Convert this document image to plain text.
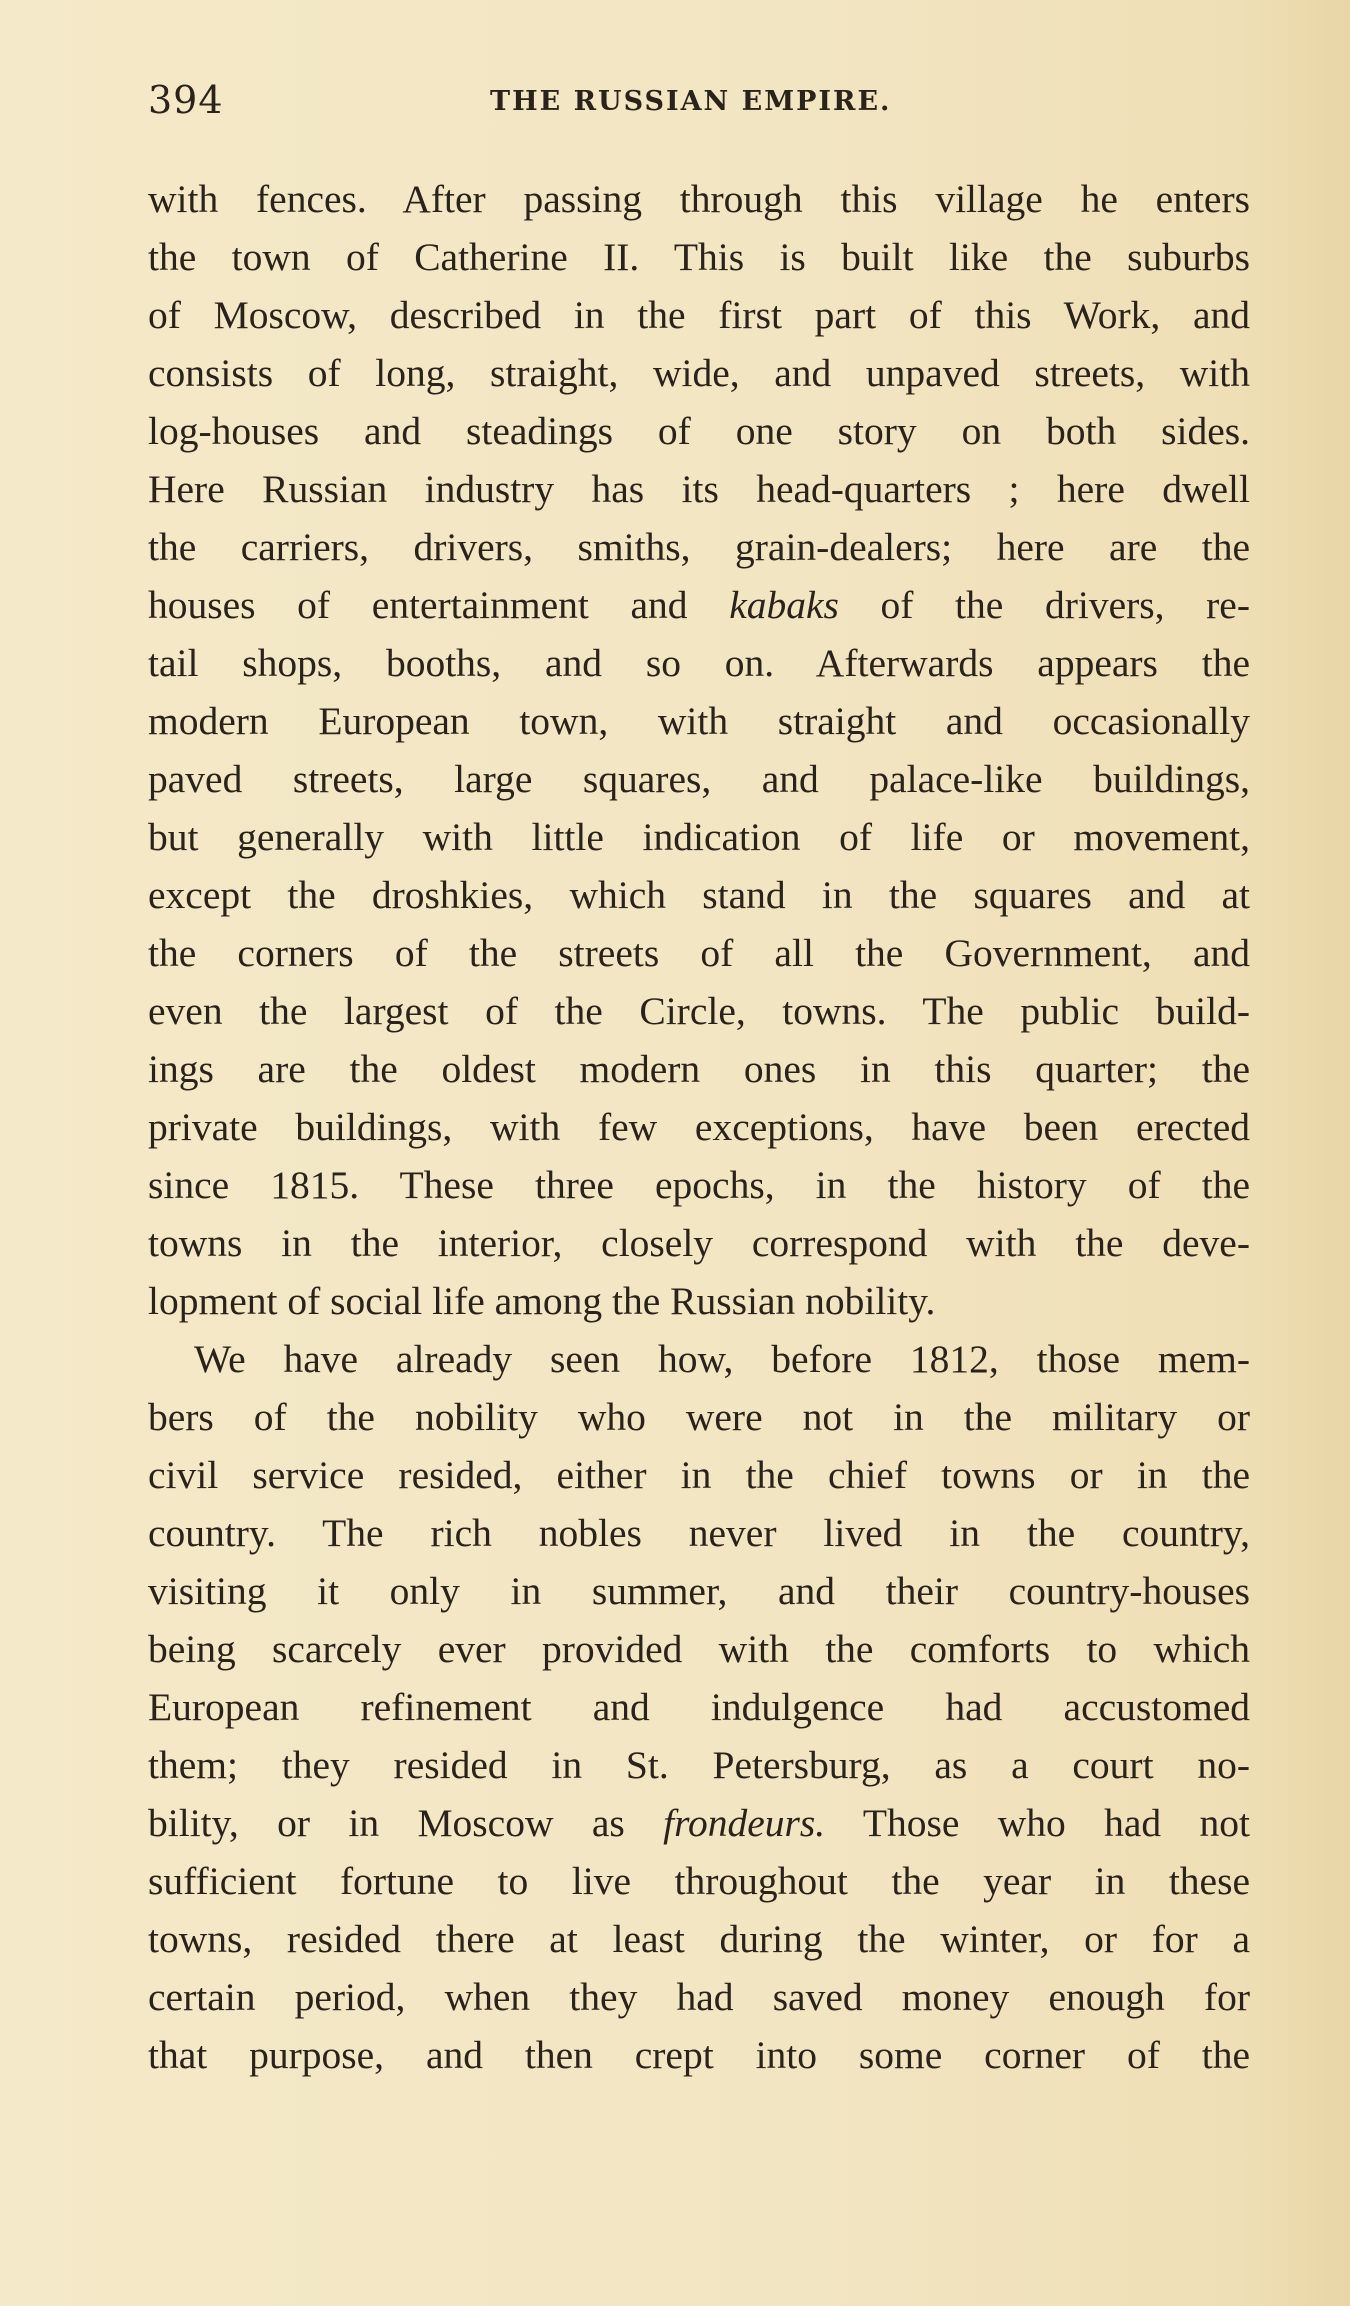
394	THE RUSSIAN EMPIRE.
with fences. After passing through this village he enters
the town of Catherine II. This is built like the suburbs
of Moscow, described in the first part of this Work, and
consists of long, straight, wide, and unpaved streets, with
log-houses and steadings of one story on both sides.
Here Russian industry has its head-quarters ; here dwell
the carriers, drivers, smiths, grain-dealers; here are the
houses of entertainment and kabaks of the drivers, re-
tail shops, booths, and so on. Afterwards appears the
modern European town, with straight and occasionally
paved streets, large squares, and palace-like buildings,
but generally with little indication of life or movement,
except the droshkies, which stand in the squares and at
the corners of the streets of all the Government, and
even the largest of the Circle, towns. The public build-
ings are the oldest modern ones in this quarter; the
private buildings, with few exceptions, have been erected
since 1815. These three epochs, in the history of the
towns in the interior, closely correspond with the deve-
lopment of social life among the Russian nobility.
We have already seen how, before 1812, those mem-
bers of the nobility who were not in the military or
civil service resided, either in the chief towns or in the
country. The rich nobles never lived in the country,
visiting it only in summer, and their country-houses
being scarcely ever provided with the comforts to which
European refinement and indulgence had accustomed
them; they resided in St. Petersburg, as a court no-
bility, or in Moscow as frondeurs. Those who had not
sufficient fortune to live throughout the year in these
towns, resided there at least during the winter, or for a
certain period, when they had saved money enough for
that purpose, and then crept into some corner of the
